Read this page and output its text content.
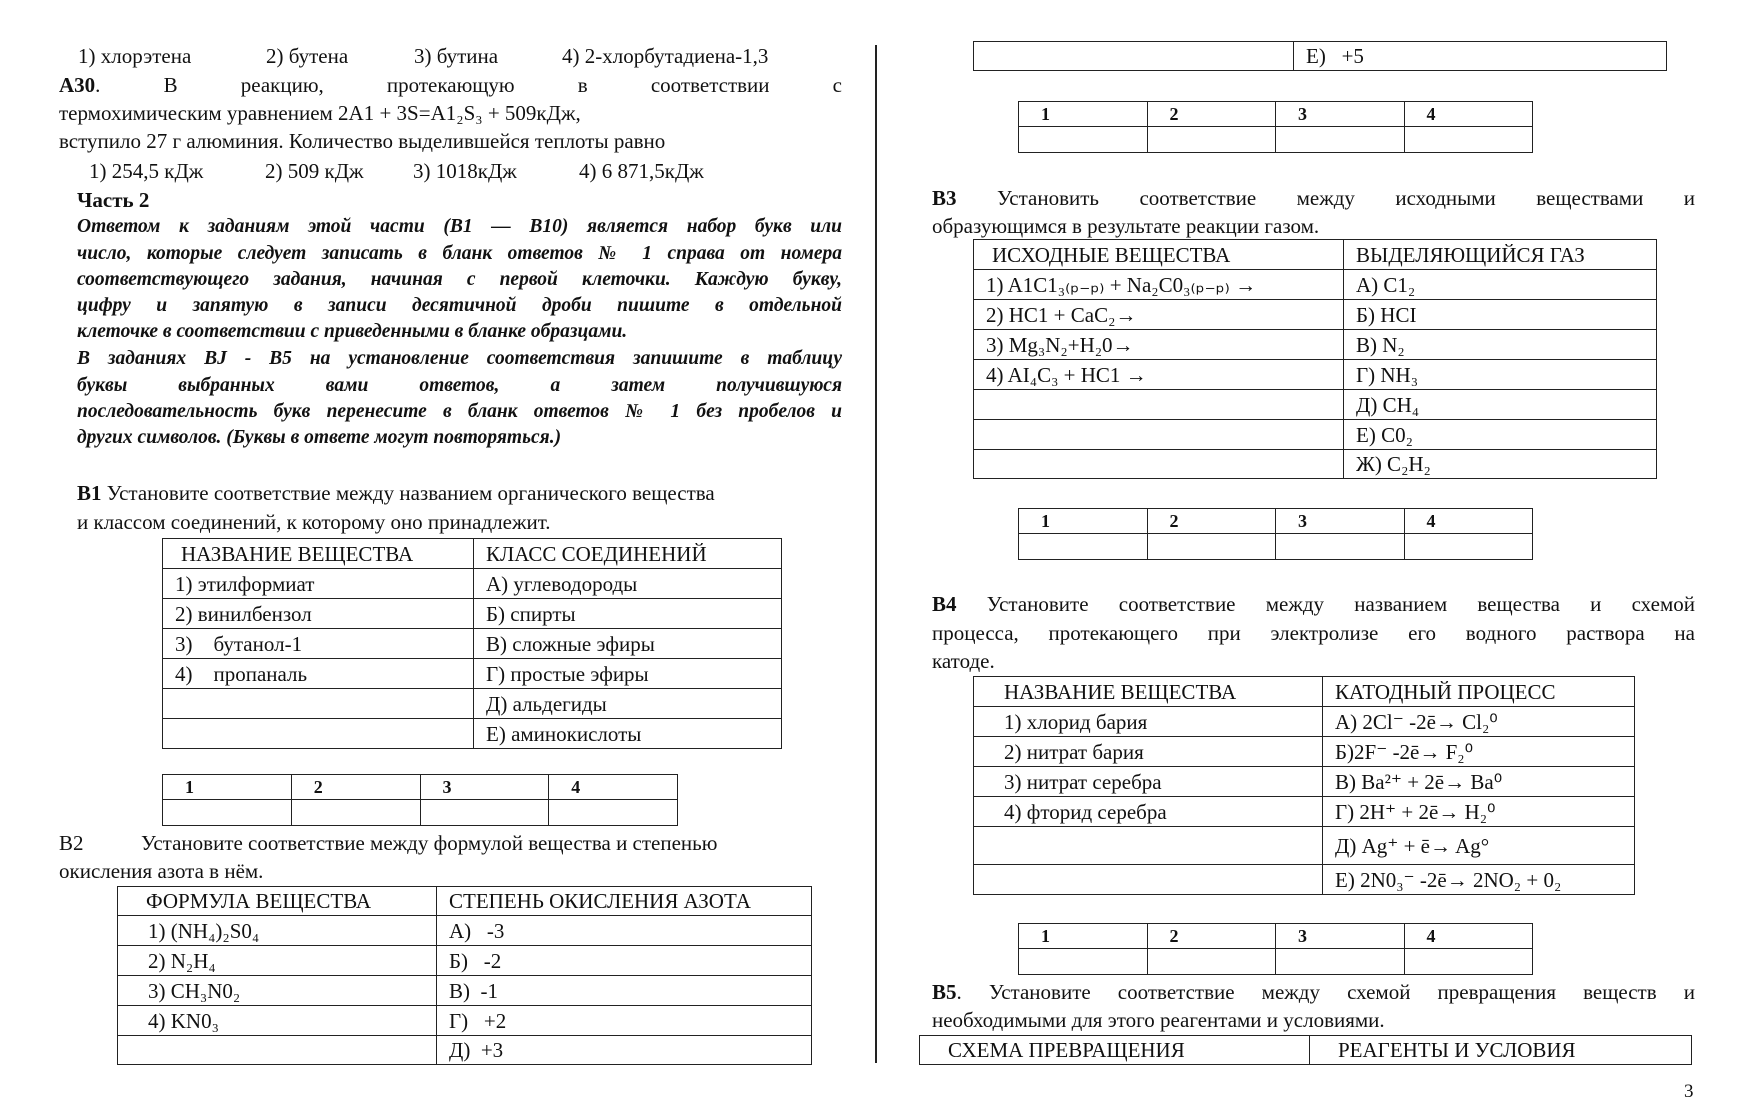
1) хлорэтена	2) бутена	3) бутина	4) 2-хлорбутадиена-1,3
А30. В реакцию, протекающую в соответствии с
термохимическим уравнением 2А1 + 3S=A1₂S₃ + 509кДж,
вступило 27 г алюминия. Количество выделившейся теплоты равно
1) 254,5 кДж	2) 509 кДж 3) 1018кДж	4) 6 871,5кДж
Часть 2
Ответом к заданиям этой части (В1 — В10) является набор букв или
число, которые следует записать в бланк ответов № 1 справа от номера
соответствующего задания, начиная с первой клеточки. Каждую букву,
цифру и запятую в записи десятичной дроби пишите в отдельной
клеточке в соответствии с приведенными в бланке образцами.
В заданиях BJ - В5 на установление соответствия запишите в таблицу
буквы выбранных вами ответов, а затем получившуюся
последовательность букв перенесите в бланк ответов № 1 без пробелов и
других символов. (Буквы в ответе могут повторяться.)
В1 Установите соответствие между названием органического вещества
и классом соединений, к которому оно принадлежит.
НАЗВАНИЕ ВЕЩЕСТВА	КЛАСС СОЕДИНЕНИЙ
1) этилформиат	А) углеводороды
2) винилбензол	Б) спирты
3)    бутанол-1	В) сложные эфиры
4)    пропаналь	Г) простые эфиры
	Д) альдегиды
	Е) аминокислоты
1	2	3	4

В2	Установите соответствие между формулой вещества и степенью
окисления азота в нём.
ФОРМУЛА ВЕЩЕСТВА	СТЕПЕНЬ ОКИСЛЕНИЯ АЗОТА
1) (NH₄)₂S0₄	А)   -3
2) N₂H₄	Б)   -2
3) CH₃N0₂	В)  -1
4) KN0₃	Г)   +2
	Д)  +3
	Е)   +5
1	2	3	4

В3 Установить соответствие между исходными веществами и
образующимся в результате реакции газом.
ИСХОДНЫЕ ВЕЩЕСТВА	ВЫДЕЛЯЮЩИЙСЯ ГАЗ
1) A1C1₃₍ₚ₋ₚ₎ + Na₂C0₃₍ₚ₋ₚ₎ →	А) C1₂
2) HC1 + CaC₂→	Б) HCI
3) Mg₃N₂+H₂0→	В) N₂
4) AI₄C₃ + HC1 →	Г) NH₃
	Д) CH₄
	Е) C0₂
	Ж) C₂H₂
1	2	3	4

В4 Установите соответствие между названием вещества и схемой
процесса, протекающего при электролизе его водного раствора на
катоде.
НАЗВАНИЕ ВЕЩЕСТВА	КАТОДНЫЙ ПРОЦЕСС
1) хлорид бария	А) 2Cl⁻ -2ē→ Cl₂⁰
2) нитрат бария	Б)2F⁻ -2ē→ F₂⁰
3) нитрат серебра	В) Ba²⁺ + 2ē→ Ba⁰
4) фторид серебра	Г) 2H⁺ + 2ē→ H₂⁰
	Д) Ag⁺ + ē→ Ag°
	Е) 2N0₃⁻ -2ē→ 2NO₂ + 0₂
1	2	3	4

В5. Установите соответствие между схемой превращения веществ и
необходимыми для этого реагентами и условиями.
СХЕМА ПРЕВРАЩЕНИЯ	РЕАГЕНТЫ И УСЛОВИЯ
3
